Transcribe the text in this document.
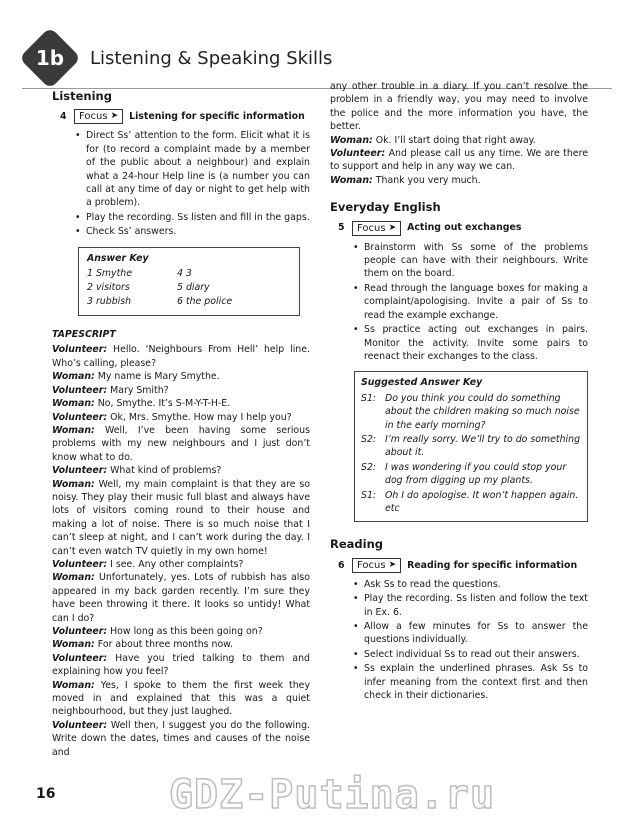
1b	Listening & Speaking Skills
Listening
4	Focus ➤ Listening for specific information
• Direct Ss’ attention to the form. Elicit what it is for (to record a complaint made by a member of the public about a neighbour) and explain what a 24-hour Help line is (a number you can call at any time of day or night to get help with a problem).
• Play the recording. Ss listen and fill in the gaps.
• Check Ss’ answers.
Answer Key
1 Smythe	4 3
2 visitors	5 diary
3 rubbish	6 the police
TAPESCRIPT
Volunteer: Hello. ‘Neighbours From Hell’ help line. Who’s calling, please?
Woman: My name is Mary Smythe.
Volunteer: Mary Smith?
Woman: No, Smythe. It’s S-M-Y-T-H-E.
Volunteer: Ok, Mrs. Smythe. How may I help you?
Woman: Well, I’ve been having some serious problems with my new neighbours and I just don’t know what to do.
Volunteer: What kind of problems?
Woman: Well, my main complaint is that they are so noisy. They play their music full blast and always have lots of visitors coming round to their house and making a lot of noise. There is so much noise that I can’t sleep at night, and I can’t work during the day. I can’t even watch TV quietly in my own home!
Volunteer: I see. Any other complaints?
Woman: Unfortunately, yes. Lots of rubbish has also appeared in my back garden recently. I’m sure they have been throwing it there. It looks so untidy! What can I do?
Volunteer: How long as this been going on?
Woman: For about three months now.
Volunteer: Have you tried talking to them and explaining how you feel?
Woman: Yes, I spoke to them the first week they moved in and explained that this was a quiet neighbourhood, but they just laughed.
Volunteer: Well then, I suggest you do the following. Write down the dates, times and causes of the noise and
any other trouble in a diary. If you can’t resolve the problem in a friendly way, you may need to involve the police and the more information you have, the better.
Woman: Ok. I’ll start doing that right away.
Volunteer: And please call us any time. We are there to support and help in any way we can.
Woman: Thank you very much.
Everyday English
5	Focus ➤ Acting out exchanges
• Brainstorm with Ss some of the problems people can have with their neighbours. Write them on the board.
• Read through the language boxes for making a complaint/apologising. Invite a pair of Ss to read the example exchange.
• Ss practice acting out exchanges in pairs. Monitor the activity. Invite some pairs to reenact their exchanges to the class.
Suggested Answer Key
S1: Do you think you could do something about the children making so much noise in the early morning?
S2: I’m really sorry. We’ll try to do something about it.
S2: I was wondering if you could stop your dog from digging up my plants.
S1: Oh I do apologise. It won’t happen again. etc
Reading
6	Focus ➤ Reading for specific information
• Ask Ss to read the questions.
• Play the recording. Ss listen and follow the text in Ex. 6.
• Allow a few minutes for Ss to answer the questions individually.
• Select individual Ss to read out their answers.
• Ss explain the underlined phrases. Ask Ss to infer meaning from the context first and then check in their dictionaries.
16	GDZ-Putina.ru
